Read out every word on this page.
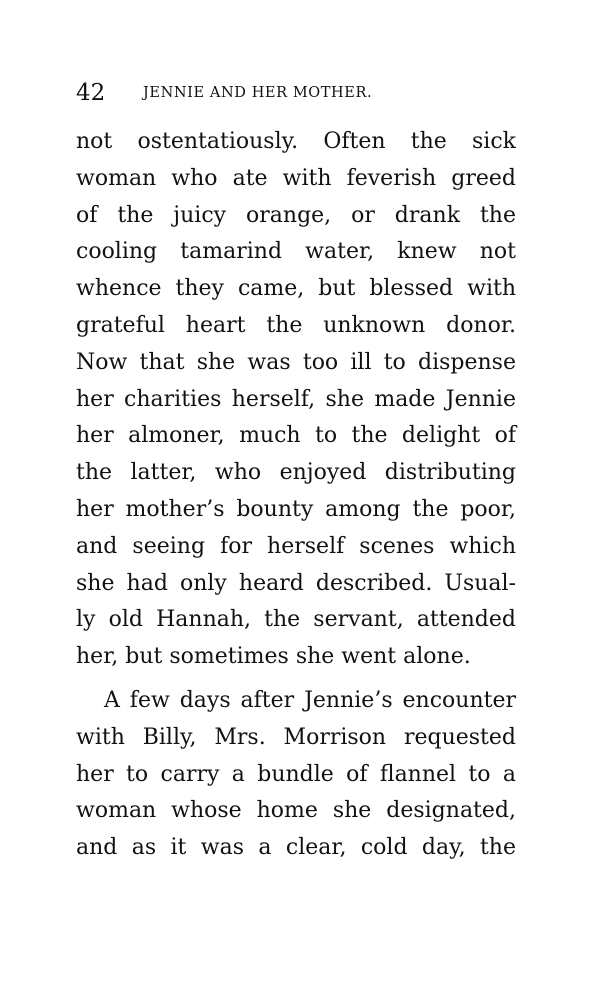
42	JENNIE AND HER MOTHER.
not ostentatiously. Often the sick
woman who ate with feverish greed
of the juicy orange, or drank the
cooling tamarind water, knew not
whence they came, but blessed with
grateful heart the unknown donor.
Now that she was too ill to dispense
her charities herself, she made Jennie
her almoner, much to the delight of
the latter, who enjoyed distributing
her mother’s bounty among the poor,
and seeing for herself scenes which
she had only heard described. Usual-
ly old Hannah, the servant, attended
her, but sometimes she went alone.
A few days after Jennie’s encounter
with Billy, Mrs. Morrison requested
her to carry a bundle of flannel to a
woman whose home she designated,
and as it was a clear, cold day, the
